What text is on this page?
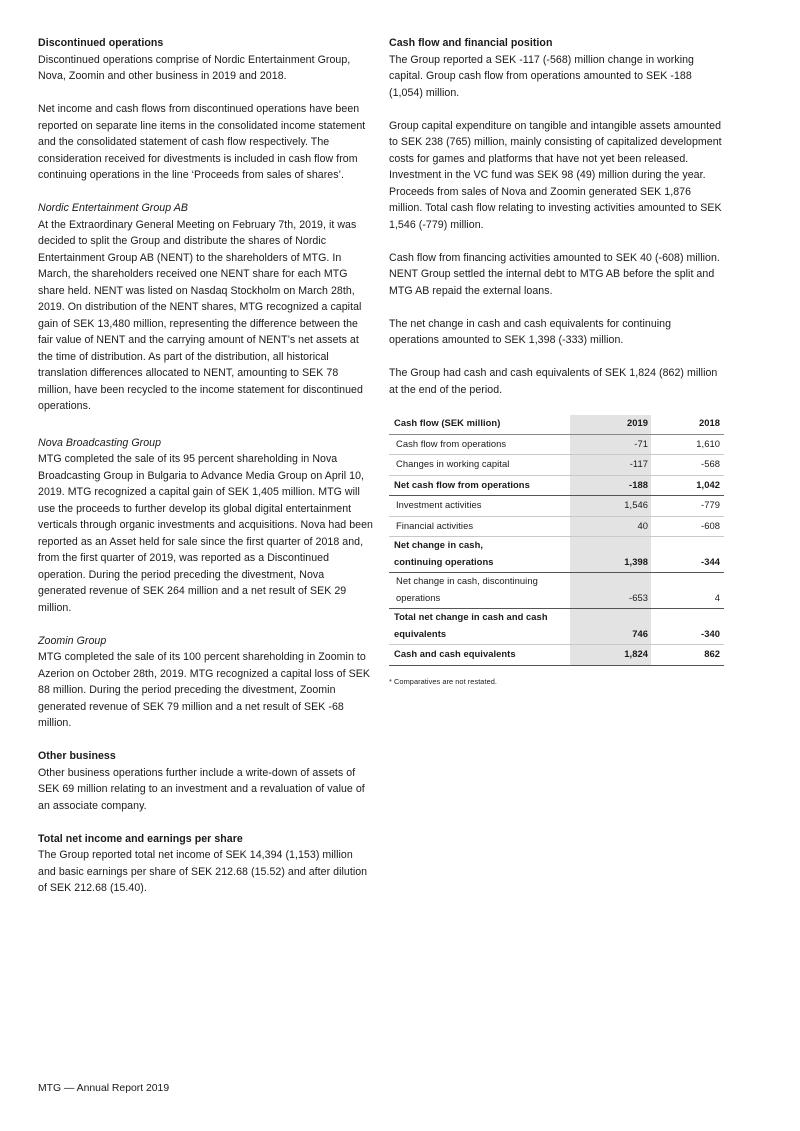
Discontinued operations

Discontinued operations comprise of Nordic Entertainment Group, Nova, Zoomin and other business in 2019 and 2018.

Net income and cash flows from discontinued operations have been reported on separate line items in the consolidated income statement and the consolidated statement of cash flow respectively. The consideration received for divestments is included in cash flow from continuing operations in the line ‘Proceeds from sales of shares’.

Nordic Entertainment Group AB

At the Extraordinary General Meeting on February 7th, 2019, it was decided to split the Group and distribute the shares of Nordic Entertainment Group AB (NENT) to the shareholders of MTG. In March, the shareholders received one NENT share for each MTG share held. NENT was listed on Nasdaq Stockholm on March 28th, 2019. On distribution of the NENT shares, MTG recognized a capital gain of SEK 13,480 million, representing the difference between the fair value of NENT and the carrying amount of NENT’s net assets at the time of distribution. As part of the distribution, all historical translation differences allocated to NENT, amounting to SEK 78 million, have been recycled to the income statement for discontinued operations.

Nova Broadcasting Group

MTG completed the sale of its 95 percent shareholding in Nova Broadcasting Group in Bulgaria to Advance Media Group on April 10, 2019. MTG recognized a capital gain of SEK 1,405 million. MTG will use the proceeds to further develop its global digital entertainment verticals through organic investments and acquisitions. Nova had been reported as an Asset held for sale since the first quarter of 2018 and, from the first quarter of 2019, was reported as a Discontinued operation. During the period preceding the divestment, Nova generated revenue of SEK 264 million and a net result of SEK 29 million.

Zoomin Group

MTG completed the sale of its 100 percent shareholding in Zoomin to Azerion on October 28th, 2019. MTG recognized a capital loss of SEK 88 million. During the period preceding the divestment, Zoomin generated revenue of SEK 79 million and a net result of SEK -68 million.

Other business

Other business operations further include a write-down of assets of SEK 69 million relating to an investment and a revaluation of value of an associate company.

Total net income and earnings per share

The Group reported total net income of SEK 14,394 (1,153) million and basic earnings per share of SEK 212.68 (15.52) and after dilution of SEK 212.68 (15.40).

Cash flow and financial position

The Group reported a SEK -117 (-568) million change in working capital. Group cash flow from operations amounted to SEK -188 (1,054) million.

Group capital expenditure on tangible and intangible assets amounted to SEK 238 (765) million, mainly consisting of capitalized development costs for games and platforms that have not yet been released. Investment in the VC fund was SEK 98 (49) million during the year. Proceeds from sales of Nova and Zoomin generated SEK 1,876 million. Total cash flow relating to investing activities amounted to SEK 1,546 (-779) million.

Cash flow from financing activities amounted to SEK 40 (-608) million. NENT Group settled the internal debt to MTG AB before the split and MTG AB repaid the external loans.

The net change in cash and cash equivalents for continuing operations amounted to SEK 1,398 (-333) million.

The Group had cash and cash equivalents of SEK 1,824 (862) million at the end of the period.

Cash flow (SEK million)	2019	2018
Cash flow from operations	-71	1,610
Changes in working capital	-117	-568
Net cash flow from operations	-188	1,042
Investment activities	1,546	-779
Financial activities	40	-608
Net change in cash,
continuing operations	1,398	-344
Net change in cash, discontinuing
operations	-653	4
Total net change in cash and cash
equivalents	746	-340
Cash and cash equivalents	1,824	862
* Comparatives are not restated.
MTG — Annual Report 2019
